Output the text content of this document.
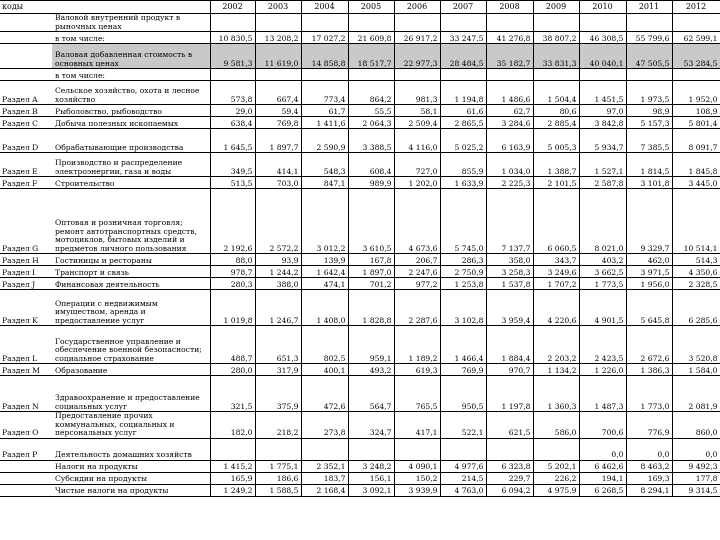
коды		2002	2003	2004	2005	2006	2007	2008	2009	2010	2011	2012
	Валовой внутренний продукт в рыночных ценах											
	в том числе:	10 830,5	13 208,2	17 027,2	21 609,8	26 917,2	33 247,5	41 276,8	38 807,2	46 308,5	55 799,6	62 599,1
	Валовая добавленная стоимость в основных ценах	9 581,3	11 619,0	14 858,8	18 517,7	22 977,3	28 484,5	35 182,7	33 831,3	40 040,1	47 505,5	53 284,5
	в том числе:											
Раздел A	Сельское хозяйство, охота и лесное хозяйство	573,8	667,4	773,4	864,2	981,3	1 194,8	1 486,6	1 504,4	1 451,5	1 973,5	1 952,0
Раздел B	Рыболовство, рыбоводство	29,0	59,4	61,7	55,5	58,1	61,6	62,7	80,6	97,0	98,9	108,9
Раздел C	Добыча полезных ископаемых	638,4	769,8	1 411,6	2 064,3	2 509,4	2 865,5	3 284,6	2 885,4	3 842,8	5 157,3	5 801,4
Раздел D	Обрабатывающие производства	1 645,5	1 897,7	2 590,9	3 388,5	4 116,0	5 025,2	6 163,9	5 005,3	5 934,7	7 385,5	8 091,7
Раздел E	Производство и распределение электроэнергии, газа и воды	349,5	414,1	548,3	608,4	727,0	855,9	1 034,0	1 388,7	1 527,1	1 814,5	1 845,8
Раздел F	Строительство	513,5	703,0	847,1	989,9	1 202,0	1 633,9	2 225,3	2 101,5	2 587,8	3 101,8	3 445,0
Раздел G	Оптовая и розничная торговля; ремонт автотранспортных средств, мотоциклов, бытовых изделий и предметов личного пользования	2 192,6	2 572,2	3 012,2	3 610,5	4 673,6	5 745,0	7 137,7	6 060,5	8 021,0	9 329,7	10 514,1
Раздел H	Гостиницы и рестораны	88,0	93,9	139,9	167,8	206,7	286,3	358,0	343,7	403,2	462,0	514,3
Раздел I	Транспорт и связь	978,7	1 244,2	1 642,4	1 897,0	2 247,6	2 750,9	3 258,3	3 249,6	3 662,5	3 971,5	4 350,6
Раздел J	Финансовая деятельность	280,3	388,0	474,1	701,2	977,2	1 253,8	1 537,8	1 707,2	1 773,5	1 956,0	2 328,5
Раздел K	Операции с недвижимым имуществом, аренда и предоставление услуг	1 019,8	1 246,7	1 408,0	1 828,8	2 287,6	3 102,8	3 959,4	4 220,6	4 901,5	5 645,8	6 285,6
Раздел L	Государственное управление и обеспечение военной безопасности; социальное страхование	488,7	651,3	802,5	959,1	1 189,2	1 466,4	1 884,4	2 203,2	2 423,5	2 672,6	3 520,8
Раздел M	Образование	280,0	317,9	400,1	493,2	619,3	769,9	970,7	1 134,2	1 226,0	1 386,3	1 584,0
Раздел N	Здравоохранение и предоставление социальных услуг	321,5	375,9	472,6	564,7	765,5	950,5	1 197,8	1 360,3	1 487,3	1 773,0	2 081,9
Раздел O	Предоставление прочих коммунальных, социальных и персональных услуг	182,0	218,2	273,8	324,7	417,1	522,1	621,5	586,0	700,6	776,9	860,0
Раздел P	Деятельность домашних хозяйств									0,0	0,0	0,0
	Налоги на продукты	1 415,2	1 775,1	2 352,1	3 248,2	4 090,1	4 977,6	6 323,8	5 202,1	6 462,6	8 463,2	9 492,3
	Субсидии на продукты	165,9	186,6	183,7	156,1	150,2	214,5	229,7	226,2	194,1	169,3	177,8
	Чистые налоги на продукты	1 249,2	1 588,5	2 168,4	3 092,1	3 939,9	4 763,0	6 094,2	4 975,9	6 268,5	8 294,1	9 314,5
